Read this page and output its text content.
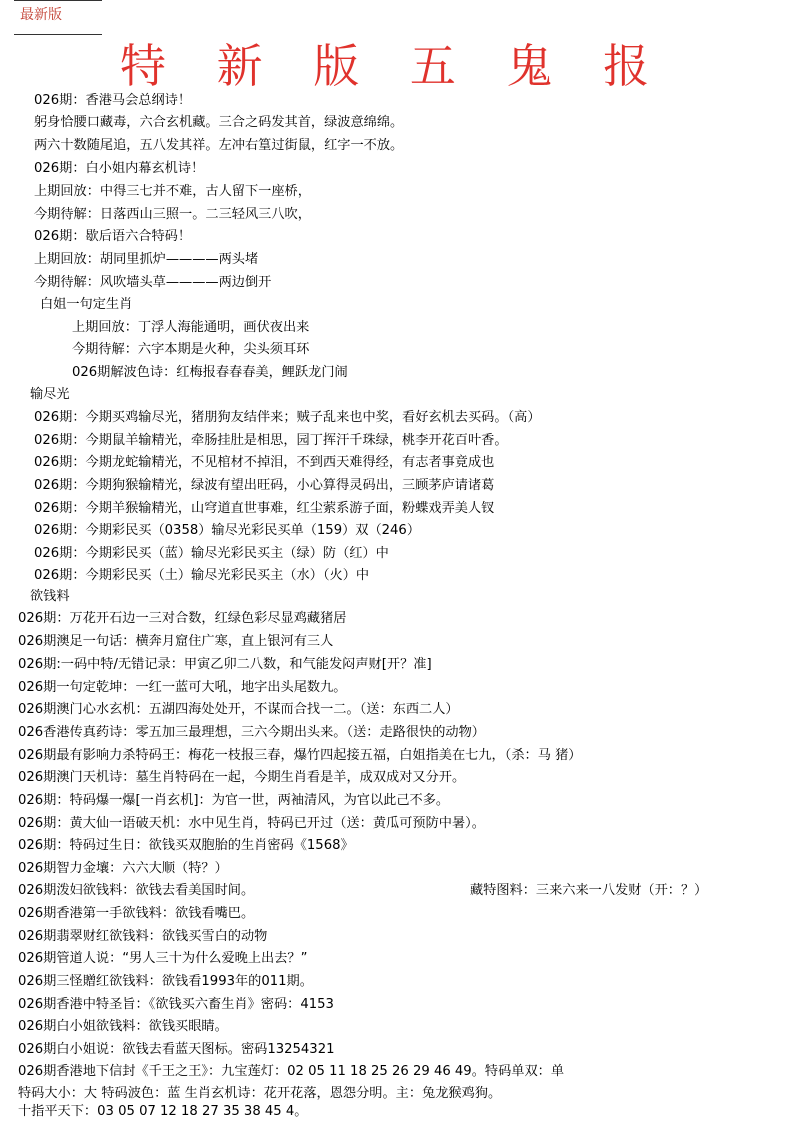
最新版
特 新 版 五 鬼 报
026期：香港马会总纲诗！
躬身恰腰口藏毒，六合玄机藏。三合之码发其首，绿波意绵绵。
两六十数随尾追，五八发其祥。左冲右篁过街鼠，红字一不放。
026期：白小姐内幕玄机诗！
上期回放：中得三七并不难，古人留下一座桥，
今期待解：日落西山三照一。二三轻风三八吹，
026期：歇后语六合特码！
上期回放：胡同里抓炉————两头堵
今期待解：风吹墙头草————两边倒开
白姐一句定生肖
上期回放：丁浮人海能通明，画伏夜出来
今期待解：六字本期是火种，尖头须耳环
026期解波色诗：红梅报春春春美，鲤跃龙门闹
输尽光
026期：今期买鸡输尽光，猪朋狗友结伴来；贼子乱来也中奖，看好玄机去买码。（高）
026期：今期鼠羊输精光，牵肠挂肚是相思，园丁挥汗千珠绿，桃李开花百叶香。
026期：今期龙蛇输精光，不见棺材不掉泪，不到西天难得经，有志者事竟成也
026期：今期狗猴输精光，绿波有望出旺码，小心算得灵码出，三顾茅庐请诸葛
026期：今期羊猴输精光，山穹道直世事难，红尘萦系游子面，粉蝶戏弄美人钗
026期：今期彩民买（0358）输尽光彩民买单（159）双（246）
026期：今期彩民买（蓝）输尽光彩民买主（绿）防（红）中
026期：今期彩民买（土）输尽光彩民买主（水）（火）中
欲钱料
026期：万花开石边一三对合数，红绿色彩尽显鸡藏猪居
026期澳足一句话：横奔月窟住广寒，直上银河有三人
026期:一码中特/无错记录：甲寅乙卯二八数，和气能发闷声财[开？准]
026期一句定乾坤：一红一蓝可大吼，地字出头尾数九。
026期澳门心水玄机：五湖四海处处开，不谋而合找一二。（送：东西二人）
026香港传真药诗：零五加三最理想，三六今期出头来。（送：走路很快的动物）
026期最有影响力杀特码王：梅花一枝报三春，爆竹四起接五福，白姐指美在七九，（杀：马 猪）
026期澳门天机诗：墓生肖特码在一起，今期生肖看是羊，成双成对又分开。
026期：特码爆一爆[一肖玄机]：为官一世，两袖清风，为官以此己不多。
026期：黄大仙一语破天机：水中见生肖，特码已开过（送：黄瓜可预防中暑）。
026期：特码过生日：欲钱买双胞胎的生肖密码《1568》
026期智力金壤：六六大顺（特？）
026期泼妇欲钱料：欲钱去看美国时间。	藏特图料：三来六来一八发财（开：？）
026期香港第一手欲钱料：欲钱看嘴巴。
026期翡翠财红欲钱料：欲钱买雪白的动物
026期管道人说：“男人三十为什么爱晚上出去？”
026期三怪贈红欲钱料：欲钱看1993年的011期。
026期香港中特圣旨：《欲钱买六畜生肖》密码：4153
026期白小姐欲钱料：欲钱买眼睛。
026期白小姐说：欲钱去看蓝天图标。密码13254321
026期香港地下信封《千王之王》：九宝莲灯：02 05 11 18 25 26 29 46 49。特码单双：单
特码大小：大 特码波色：蓝 生肖玄机诗：花开花落，恩怨分明。主：兔龙猴鸡狗。
十指平天下：03 05 07 12 18 27 35 38 45 4。
